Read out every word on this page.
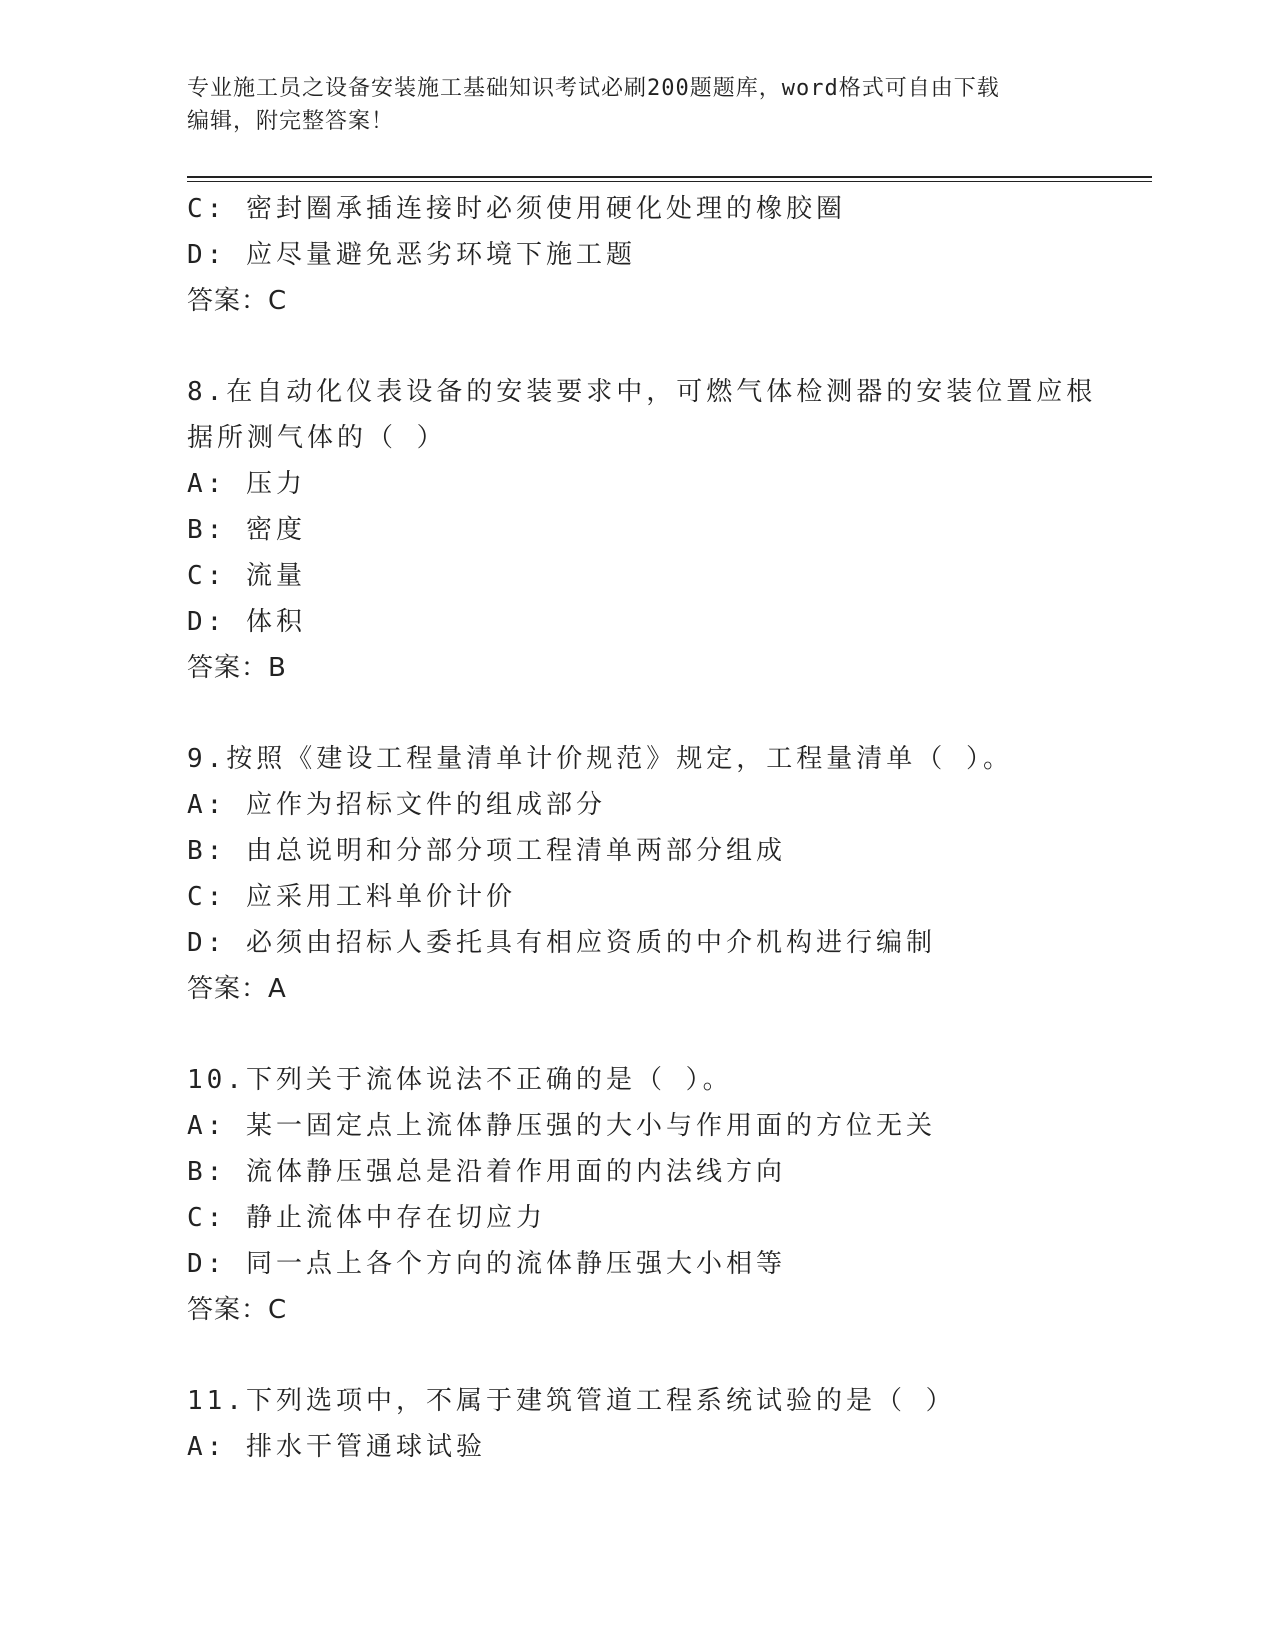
专业施工员之设备安装施工基础知识考试必刷200题题库，word格式可自由下载
编辑，附完整答案！
C: 密封圈承插连接时必须使用硬化处理的橡胶圈
D: 应尽量避免恶劣环境下施工题
答案：C
8.在自动化仪表设备的安装要求中，可燃气体检测器的安装位置应根
据所测气体的（ ）
A: 压力
B: 密度
C: 流量
D: 体积
答案：B
9.按照《建设工程量清单计价规范》规定，工程量清单（ ）。
A: 应作为招标文件的组成部分
B: 由总说明和分部分项工程清单两部分组成
C: 应采用工料单价计价
D: 必须由招标人委托具有相应资质的中介机构进行编制
答案：A
10.下列关于流体说法不正确的是（ ）。
A: 某一固定点上流体静压强的大小与作用面的方位无关
B: 流体静压强总是沿着作用面的内法线方向
C: 静止流体中存在切应力
D: 同一点上各个方向的流体静压强大小相等
答案：C
11.下列选项中，不属于建筑管道工程系统试验的是（ ）
A: 排水干管通球试验
